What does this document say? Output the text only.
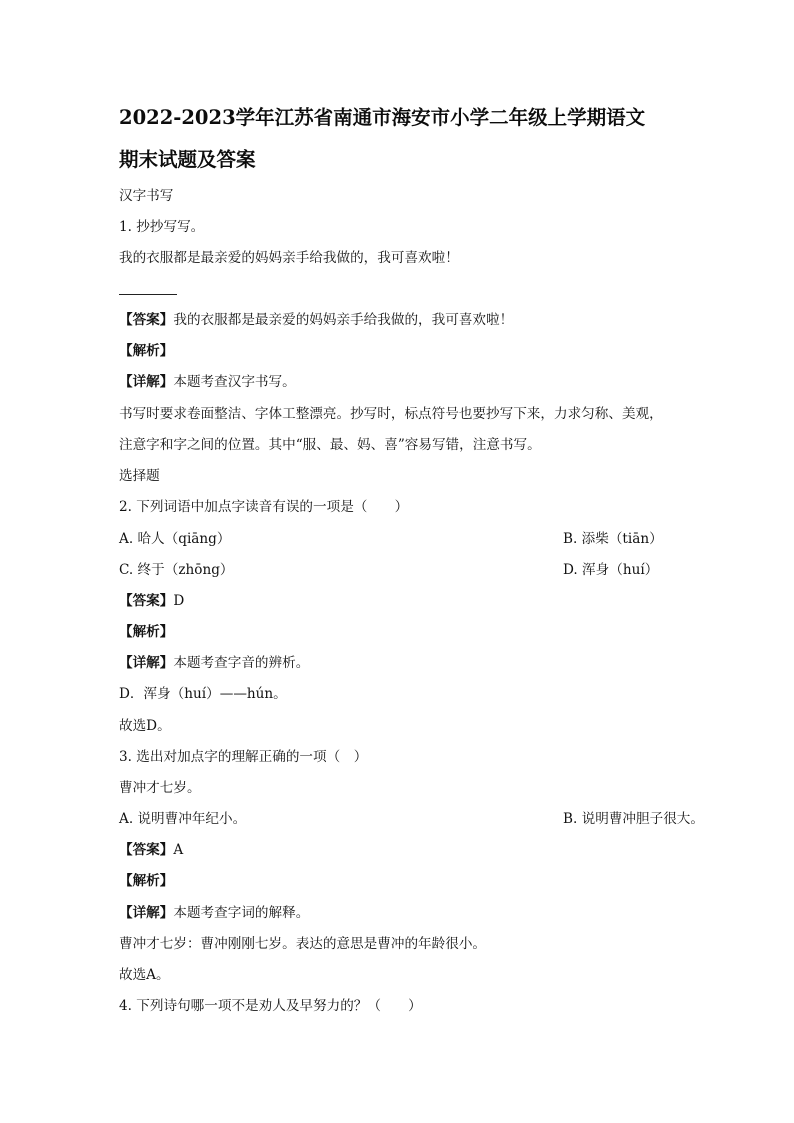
2022-2023学年江苏省南通市海安市小学二年级上学期语文
期末试题及答案
汉字书写
1. 抄抄写写。
我的衣服都是最亲爱的妈妈亲手给我做的，我可喜欢啦！
【答案】我的衣服都是最亲爱的妈妈亲手给我做的，我可喜欢啦！
【解析】
【详解】本题考查汉字书写。
书写时要求卷面整洁、字体工整漂亮。抄写时，标点符号也要抄写下来，力求匀称、美观，
注意字和字之间的位置。其中“服、最、妈、喜”容易写错，注意书写。
选择题
2. 下列词语中加点字读音有误的一项是（　　）
A. 哈人（qiāng）	B. 添柴（tiān）
C. 终于（zhōng）	D. 浑身（huí）
【答案】D
【解析】
【详解】本题考查字音的辨析。
D．浑身（huí）——hún。
故选D。
3. 选出对加点字的理解正确的一项（　）
曹冲才七岁。
A. 说明曹冲年纪小。	B. 说明曹冲胆子很大。
【答案】A
【解析】
【详解】本题考查字词的解释。
曹冲才七岁：曹冲刚刚七岁。表达的意思是曹冲的年龄很小。
故选A。
4. 下列诗句哪一项不是劝人及早努力的？（　　）
